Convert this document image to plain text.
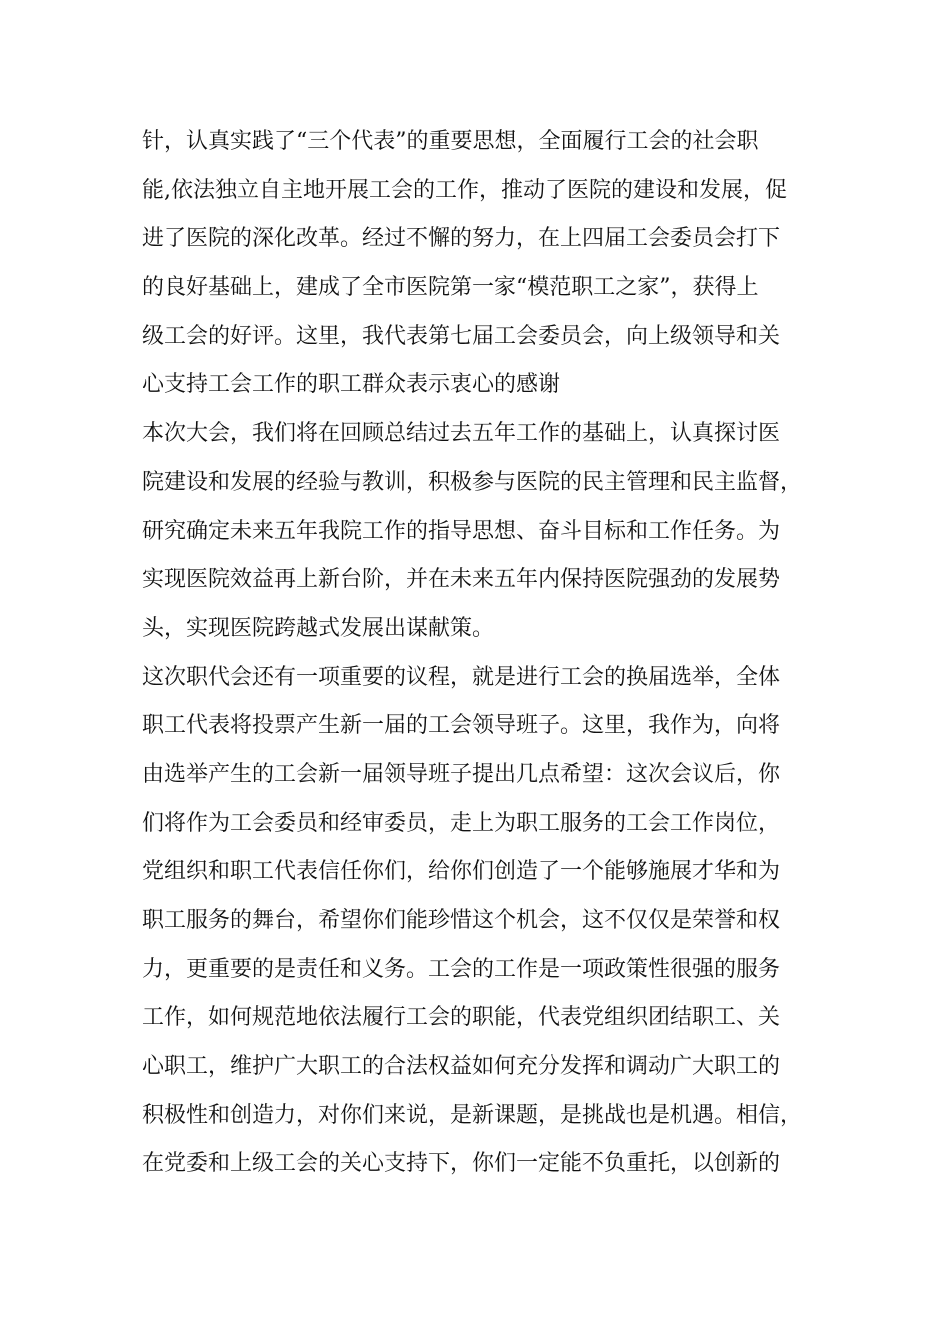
针，认真实践了“三个代表”的重要思想，全面履行工会的社会职
能,依法独立自主地开展工会的工作，推动了医院的建设和发展，促
进了医院的深化改革。经过不懈的努力，在上四届工会委员会打下
的良好基础上，建成了全市医院第一家“模范职工之家”，获得上
级工会的好评。这里，我代表第七届工会委员会，向上级领导和关
心支持工会工作的职工群众表示衷心的感谢
本次大会，我们将在回顾总结过去五年工作的基础上，认真探讨医
院建设和发展的经验与教训，积极参与医院的民主管理和民主监督，
研究确定未来五年我院工作的指导思想、奋斗目标和工作任务。为
实现医院效益再上新台阶，并在未来五年内保持医院强劲的发展势
头，实现医院跨越式发展出谋献策。
这次职代会还有一项重要的议程，就是进行工会的换届选举，全体
职工代表将投票产生新一届的工会领导班子。这里，我作为，向将
由选举产生的工会新一届领导班子提出几点希望：这次会议后，你
们将作为工会委员和经审委员，走上为职工服务的工会工作岗位，
党组织和职工代表信任你们，给你们创造了一个能够施展才华和为
职工服务的舞台，希望你们能珍惜这个机会，这不仅仅是荣誉和权
力，更重要的是责任和义务。工会的工作是一项政策性很强的服务
工作，如何规范地依法履行工会的职能，代表党组织团结职工、关
心职工，维护广大职工的合法权益如何充分发挥和调动广大职工的
积极性和创造力，对你们来说，是新课题，是挑战也是机遇。相信，
在党委和上级工会的关心支持下，你们一定能不负重托，以创新的
